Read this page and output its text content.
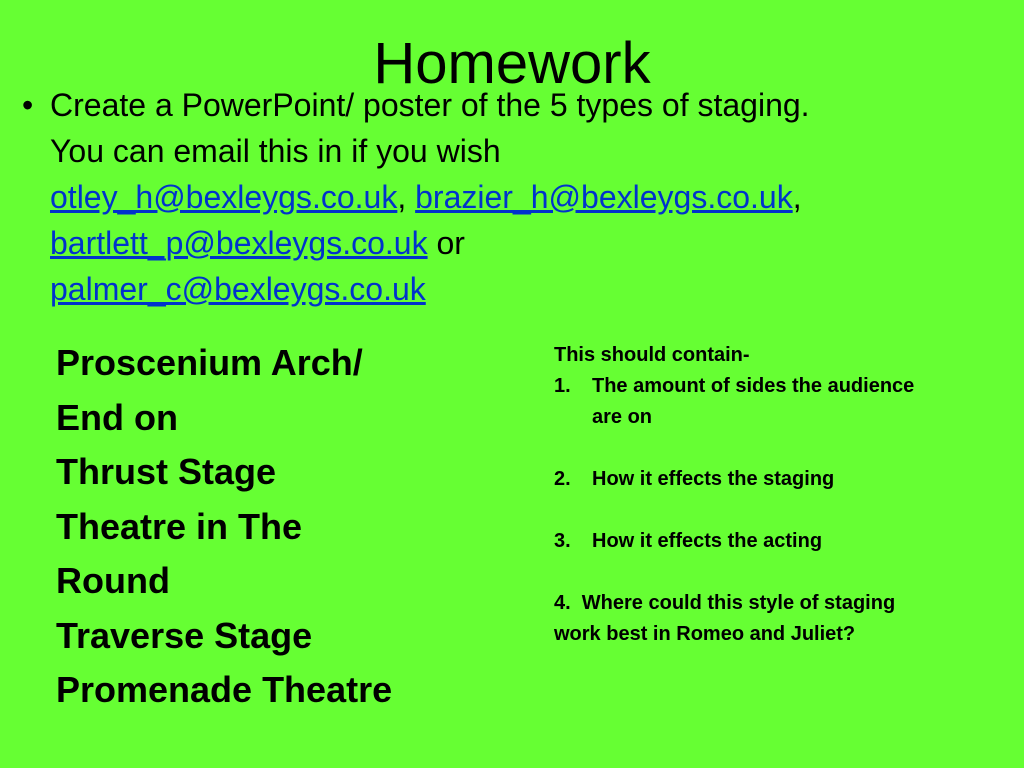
Homework
• Create a PowerPoint/ poster of the 5 types of staging.
You can email this in if you wish
otley_h@bexleygs.co.uk, brazier_h@bexleygs.co.uk,
bartlett_p@bexleygs.co.uk or
palmer_c@bexleygs.co.uk
Proscenium Arch/
End on
Thrust Stage
Theatre in The
Round
Traverse Stage
Promenade Theatre
This should contain-
1.	The amount of sides the audience
are on
2.	How it effects the staging
3.	How it effects the acting
4.  Where could this style of staging
work best in Romeo and Juliet?
